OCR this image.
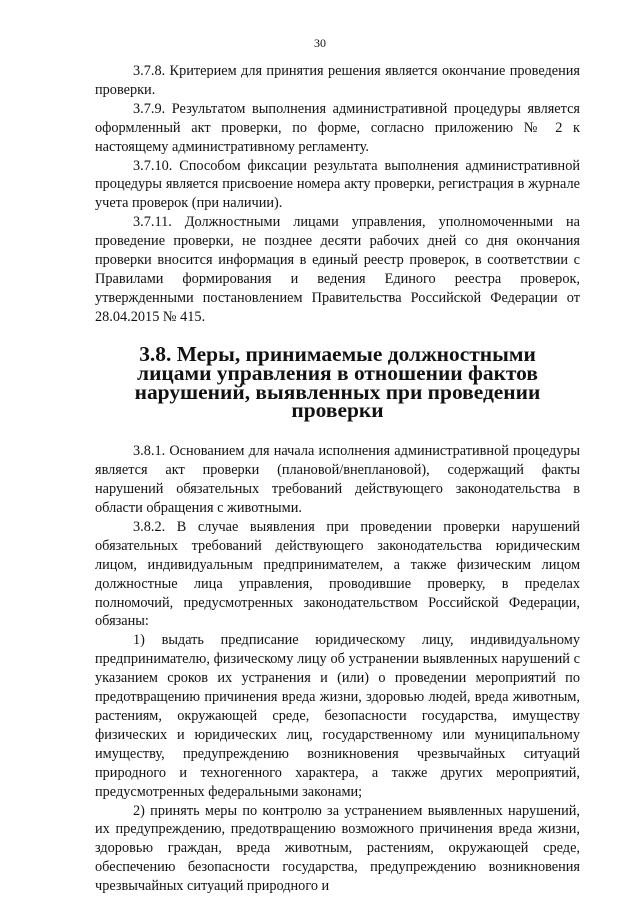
30

3.7.8. Критерием для принятия решения является окончание проведения проверки.

3.7.9. Результатом выполнения административной процедуры является оформленный акт проверки, по форме, согласно приложению № 2 к настоящему административному регламенту.

3.7.10. Способом фиксации результата выполнения административной процедуры является присвоение номера акту проверки, регистрация в журнале учета проверок (при наличии).

3.7.11. Должностными лицами управления, уполномоченными на проведение проверки, не позднее десяти рабочих дней со дня окончания проверки вносится информация в единый реестр проверок, в соответствии с Правилами формирования и ведения Единого реестра проверок, утвержденными постановлением Правительства Российской Федерации от 28.04.2015 № 415.

3.8. Меры, принимаемые должностными лицами управления в отношении фактов нарушений, выявленных при проведении проверки

3.8.1. Основанием для начала исполнения административной процедуры является акт проверки (плановой/внеплановой), содержащий факты нарушений обязательных требований действующего законодательства в области обращения с животными.

3.8.2. В случае выявления при проведении проверки нарушений обязательных требований действующего законодательства юридическим лицом, индивидуальным предпринимателем, а также физическим лицом должностные лица управления, проводившие проверку, в пределах полномочий, предусмотренных законодательством Российской Федерации, обязаны:

1) выдать предписание юридическому лицу, индивидуальному предпринимателю, физическому лицу об устранении выявленных нарушений с указанием сроков их устранения и (или) о проведении мероприятий по предотвращению причинения вреда жизни, здоровью людей, вреда животным, растениям, окружающей среде, безопасности государства, имуществу физических и юридических лиц, государственному или муниципальному имуществу, предупреждению возникновения чрезвычайных ситуаций природного и техногенного характера, а также других мероприятий, предусмотренных федеральными законами;

2) принять меры по контролю за устранением выявленных нарушений, их предупреждению, предотвращению возможного причинения вреда жизни, здоровью граждан, вреда животным, растениям, окружающей среде, обеспечению безопасности государства, предупреждению возникновения чрезвычайных ситуаций природного и
